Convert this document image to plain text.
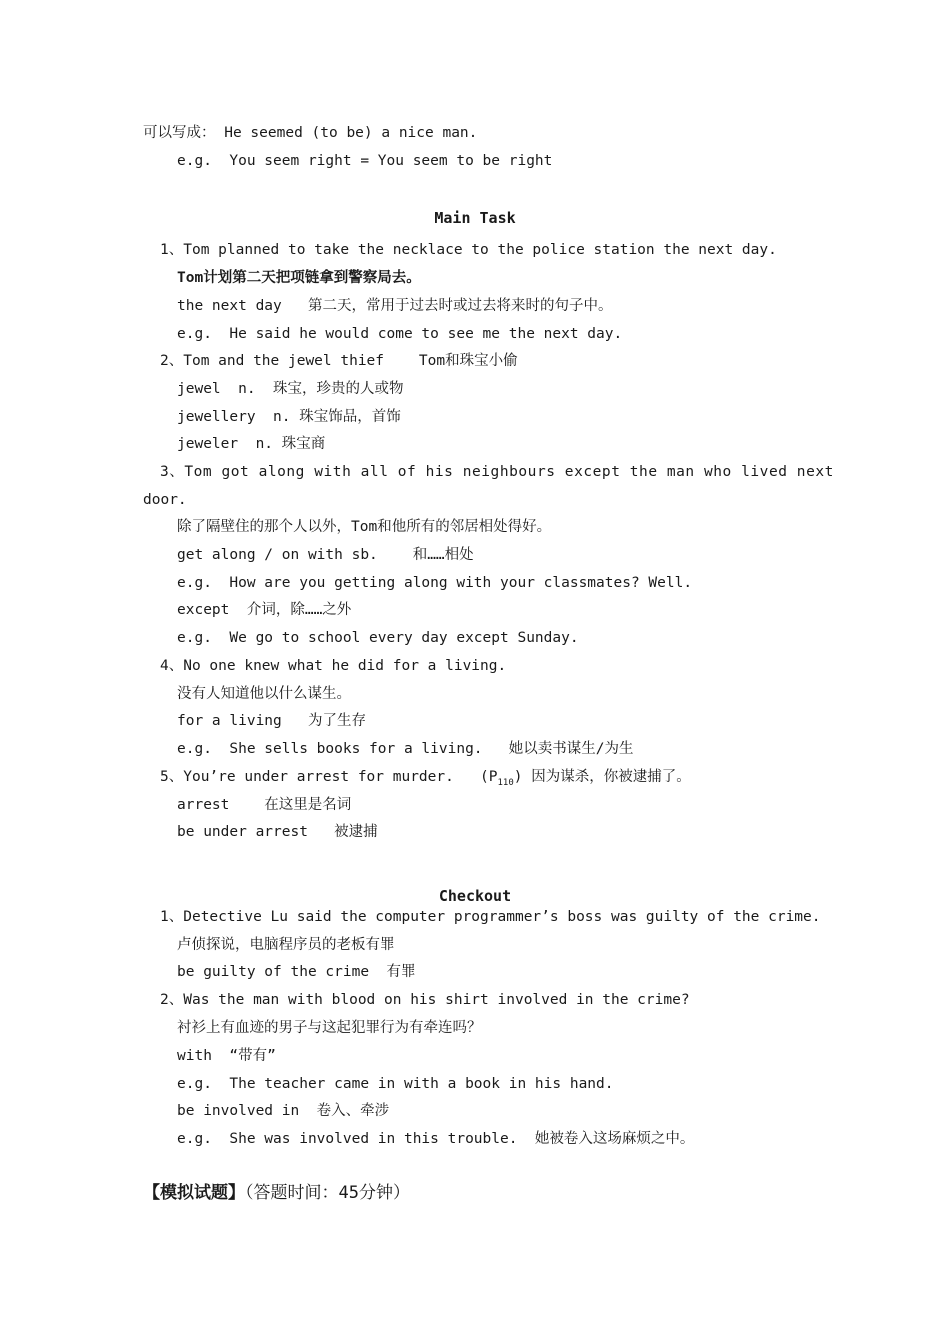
可以写成： He seemed (to be) a nice man.
e.g.  You seem right = You seem to be right
Main Task
1、Tom planned to take the necklace to the police station the next day.
Tom计划第二天把项链拿到警察局去。
the next day   第二天，常用于过去时或过去将来时的句子中。
e.g.  He said he would come to see me the next day.
2、Tom and the jewel thief    Tom和珠宝小偷
jewel  n.  珠宝，珍贵的人或物
jewellery  n. 珠宝饰品，首饰
jeweler  n. 珠宝商
3、Tom got along with all of his neighbours except the man who lived next
door.
除了隔壁住的那个人以外，Tom和他所有的邻居相处得好。
get along / on with sb.    和……相处
e.g.  How are you getting along with your classmates? Well.
except  介词，除……之外
e.g.  We go to school every day except Sunday.
4、No one knew what he did for a living.
没有人知道他以什么谋生。
for a living   为了生存
e.g.  She sells books for a living.   她以卖书谋生/为生
5、You’re under arrest for murder.   $(P_{110})$ 因为谋杀，你被逮捕了。
arrest    在这里是名词
be under arrest   被逮捕
Checkout
1、Detective Lu said the computer programmer’s boss was guilty of the crime.
卢侦探说，电脑程序员的老板有罪
be guilty of the crime  有罪
2、Was the man with blood on his shirt involved in the crime?
衬衫上有血迹的男子与这起犯罪行为有牵连吗？
with  “带有”
e.g.  The teacher came in with a book in his hand.
be involved in  卷入、牵涉
e.g.  She was involved in this trouble.  她被卷入这场麻烦之中。
【模拟试题】（答题时间：45分钟）
